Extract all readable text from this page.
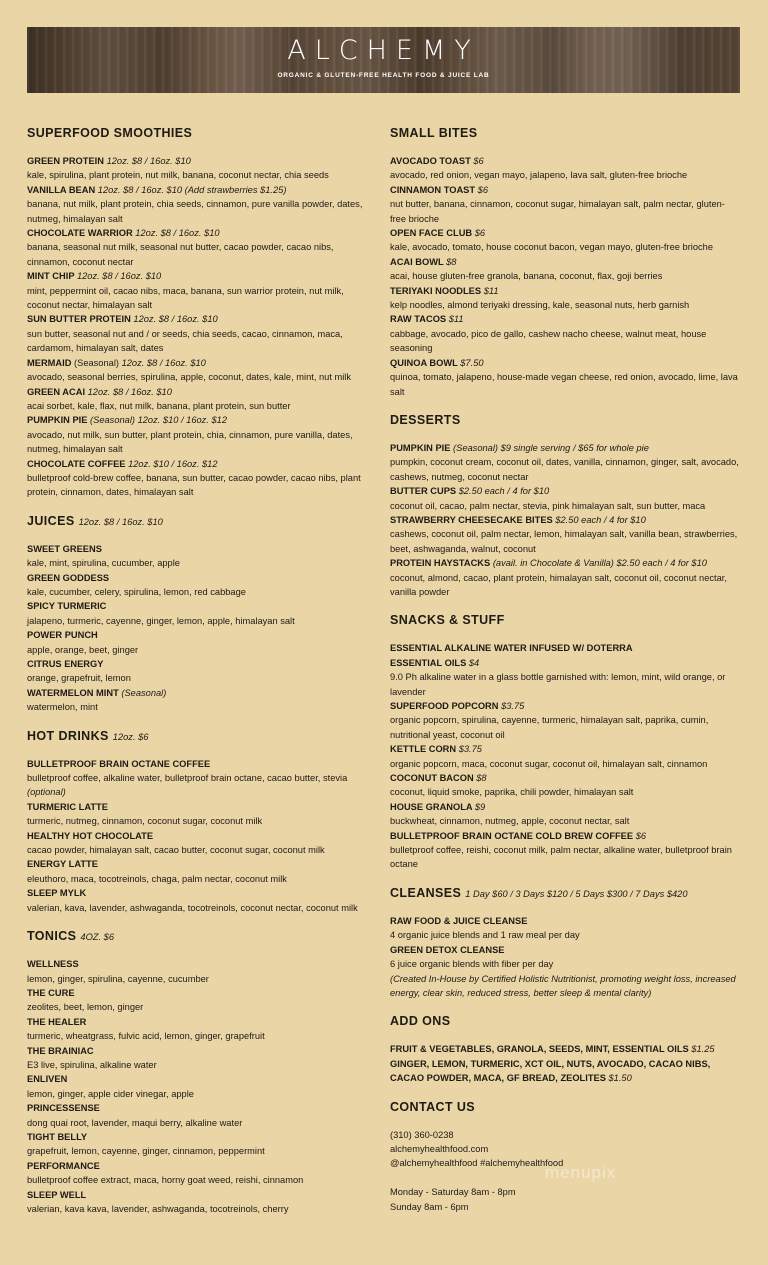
ALCHEMY
ORGANIC & GLUTEN-FREE HEALTH FOOD & JUICE LAB
SUPERFOOD SMOOTHIES
GREEN PROTEIN 12oz. $8 / 16oz. $10
kale, spirulina, plant protein, nut milk, banana, coconut nectar, chia seeds
VANILLA BEAN 12oz. $8 / 16oz. $10 (Add strawberries $1.25)
banana, nut milk, plant protein, chia seeds, cinnamon, pure vanilla powder, dates, nutmeg, himalayan salt
CHOCOLATE WARRIOR 12oz. $8 / 16oz. $10
banana, seasonal nut milk, seasonal nut butter, cacao powder, cacao nibs, cinnamon, coconut nectar
MINT CHIP 12oz. $8 / 16oz. $10
mint, peppermint oil, cacao nibs, maca, banana, sun warrior protein, nut milk, coconut nectar, himalayan salt
SUN BUTTER PROTEIN 12oz. $8 / 16oz. $10
sun butter, seasonal nut and / or seeds, chia seeds, cacao, cinnamon, maca, cardamom, himalayan salt, dates
MERMAID (Seasonal) 12oz. $8 / 16oz. $10
avocado, seasonal berries, spirulina, apple, coconut, dates, kale, mint, nut milk
GREEN ACAI 12oz. $8 / 16oz. $10
acai sorbet, kale, flax, nut milk, banana, plant protein, sun butter
PUMPKIN PIE (Seasonal) 12oz. $10 / 16oz. $12
avocado, nut milk, sun butter, plant protein, chia, cinnamon, pure vanilla, dates, nutmeg, himalayan salt
CHOCOLATE COFFEE 12oz. $10 / 16oz. $12
bulletproof cold-brew coffee, banana, sun butter, cacao powder, cacao nibs, plant protein, cinnamon, dates, himalayan salt
JUICES 12oz. $8 / 16oz. $10
SWEET GREENS
kale, mint, spirulina, cucumber, apple
GREEN GODDESS
kale, cucumber, celery, spirulina, lemon, red cabbage
SPICY TURMERIC
jalapeno, turmeric, cayenne, ginger, lemon, apple, himalayan salt
POWER PUNCH
apple, orange, beet, ginger
CITRUS ENERGY
orange, grapefruit, lemon
WATERMELON MINT (Seasonal)
watermelon, mint
HOT DRINKS 12oz. $6
BULLETPROOF BRAIN OCTANE COFFEE
bulletproof coffee, alkaline water, bulletproof brain octane, cacao butter, stevia (optional)
TURMERIC LATTE
turmeric, nutmeg, cinnamon, coconut sugar, coconut milk
HEALTHY HOT CHOCOLATE
cacao powder, himalayan salt, cacao butter, coconut sugar, coconut milk
ENERGY LATTE
eleuthoro, maca, tocotreinols, chaga, palm nectar, coconut milk
SLEEP MYLK
valerian, kava, lavender, ashwaganda, tocotreinols, coconut nectar, coconut milk
TONICS 4OZ. $6
WELLNESS
lemon, ginger, spirulina, cayenne, cucumber
THE CURE
zeolites, beet, lemon, ginger
THE HEALER
turmeric, wheatgrass, fulvic acid, lemon, ginger, grapefruit
THE BRAINIAC
E3 live, spirulina, alkaline water
ENLIVEN
lemon, ginger, apple cider vinegar, apple
PRINCESSENSE
dong quai root, lavender, maqui berry, alkaline water
TIGHT BELLY
grapefruit, lemon, cayenne, ginger, cinnamon, peppermint
PERFORMANCE
bulletproof coffee extract, maca, horny goat weed, reishi, cinnamon
SLEEP WELL
valerian, kava kava, lavender, ashwaganda, tocotreinols, cherry
SMALL BITES
AVOCADO TOAST $6
avocado, red onion, vegan mayo, jalapeno, lava salt, gluten-free brioche
CINNAMON TOAST $6
nut butter, banana, cinnamon, coconut sugar, himalayan salt, palm nectar, gluten-free brioche
OPEN FACE CLUB $6
kale, avocado, tomato, house coconut bacon, vegan mayo, gluten-free brioche
ACAI BOWL $8
acai, house gluten-free granola, banana, coconut, flax, goji berries
TERIYAKI NOODLES $11
kelp noodles, almond teriyaki dressing, kale, seasonal nuts, herb garnish
RAW TACOS $11
cabbage, avocado, pico de gallo, cashew nacho cheese, walnut meat, house seasoning
QUINOA BOWL $7.50
quinoa, tomato, jalapeno, house-made vegan cheese, red onion, avocado, lime, lava salt
DESSERTS
PUMPKIN PIE (Seasonal) $9 single serving / $65 for whole pie
pumpkin, coconut cream, coconut oil, dates, vanilla, cinnamon, ginger, salt, avocado, cashews, nutmeg, coconut nectar
BUTTER CUPS $2.50 each / 4 for $10
coconut oil, cacao, palm nectar, stevia, pink himalayan salt, sun butter, maca
STRAWBERRY CHEESECAKE BITES $2.50 each / 4 for $10
cashews, coconut oil, palm nectar, lemon, himalayan salt, vanilla bean, strawberries, beet, ashwaganda, walnut, coconut
PROTEIN HAYSTACKS (avail. in Chocolate & Vanilla) $2.50 each / 4 for $10
coconut, almond, cacao, plant protein, himalayan salt, coconut oil, coconut nectar, vanilla powder
SNACKS & STUFF
ESSENTIAL ALKALINE WATER INFUSED W/ DOTERRA
ESSENTIAL OILS $4
9.0 Ph alkaline water in a glass bottle garnished with: lemon, mint, wild orange, or lavender
SUPERFOOD POPCORN $3.75
organic popcorn, spirulina, cayenne, turmeric, himalayan salt, paprika, cumin, nutritional yeast, coconut oil
KETTLE CORN $3.75
organic popcorn, maca, coconut sugar, coconut oil, himalayan salt, cinnamon
COCONUT BACON $8
coconut, liquid smoke, paprika, chili powder, himalayan salt
HOUSE GRANOLA $9
buckwheat, cinnamon, nutmeg, apple, coconut nectar, salt
BULLETPROOF BRAIN OCTANE COLD BREW COFFEE $6
bulletproof coffee, reishi, coconut milk, palm nectar, alkaline water, bulletproof brain octane
CLEANSES 1 Day $60 / 3 Days $120 / 5 Days $300 / 7 Days $420
RAW FOOD & JUICE CLEANSE
4 organic juice blends and 1 raw meal per day
GREEN DETOX CLEANSE
6 juice organic blends with fiber per day
(Created In-House by Certified Holistic Nutritionist, promoting weight loss, increased energy, clear skin, reduced stress, better sleep & mental clarity)
ADD ONS
FRUIT & VEGETABLES, GRANOLA, SEEDS, MINT, ESSENTIAL OILS $1.25
GINGER, LEMON, TURMERIC, XCT OIL, NUTS, AVOCADO, CACAO NIBS, CACAO POWDER, MACA, GF BREAD, ZEOLITES $1.50
CONTACT US
(310) 360-0238
alchemyhealthfood.com
@alchemyhealthfood #alchemyhealthfood
Monday - Saturday 8am - 8pm
Sunday 8am - 6pm
menupix
